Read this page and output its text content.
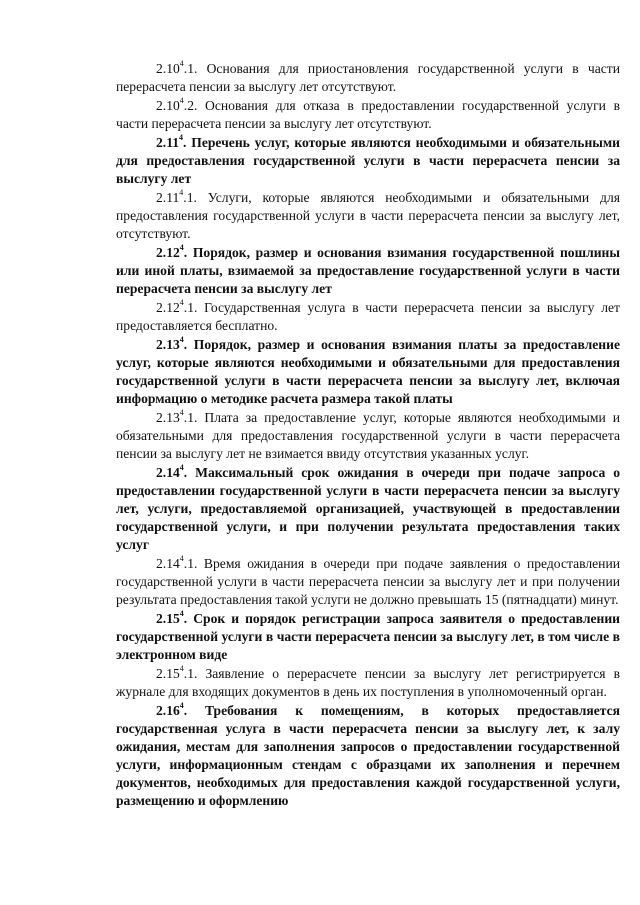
2.10$^4$.1. Основания для приостановления государственной услуги в части перерасчета пенсии за выслугу лет отсутствуют.

2.10$^4$.2. Основания для отказа в предоставлении государственной услуги в части перерасчета пенсии за выслугу лет отсутствуют.

2.11$^4$. Перечень услуг, которые являются необходимыми и обязательными для предоставления государственной услуги в части перерасчета пенсии за выслугу лет

2.11$^4$.1. Услуги, которые являются необходимыми и обязательными для предоставления государственной услуги в части перерасчета пенсии за выслугу лет, отсутствуют.

2.12$^4$. Порядок, размер и основания взимания государственной пошлины или иной платы, взимаемой за предоставление государственной услуги в части перерасчета пенсии за выслугу лет

2.12$^4$.1. Государственная услуга в части перерасчета пенсии за выслугу лет предоставляется бесплатно.

2.13$^4$. Порядок, размер и основания взимания платы за предоставление услуг, которые являются необходимыми и обязательными для предоставления государственной услуги в части перерасчета пенсии за выслугу лет, включая информацию о методике расчета размера такой платы

2.13$^4$.1. Плата за предоставление услуг, которые являются необходимыми и обязательными для предоставления государственной услуги в части перерасчета пенсии за выслугу лет не взимается ввиду отсутствия указанных услуг.

2.14$^4$. Максимальный срок ожидания в очереди при подаче запроса о предоставлении государственной услуги в части перерасчета пенсии за выслугу лет, услуги, предоставляемой организацией, участвующей в предоставлении государственной услуги, и при получении результата предоставления таких услуг

2.14$^4$.1. Время ожидания в очереди при подаче заявления о предоставлении государственной услуги в части перерасчета пенсии за выслугу лет и при получении результата предоставления такой услуги не должно превышать 15 (пятнадцати) минут.

2.15$^4$. Срок и порядок регистрации запроса заявителя о предоставлении государственной услуги в части перерасчета пенсии за выслугу лет, в том числе в электронном виде

2.15$^4$.1. Заявление о перерасчете пенсии за выслугу лет регистрируется в журнале для входящих документов в день их поступления в уполномоченный орган.

2.16$^4$. Требования к помещениям, в которых предоставляется государственная услуга в части перерасчета пенсии за выслугу лет, к залу ожидания, местам для заполнения запросов о предоставлении государственной услуги, информационным стендам с образцами их заполнения и перечнем документов, необходимых для предоставления каждой государственной услуги, размещению и оформлению
